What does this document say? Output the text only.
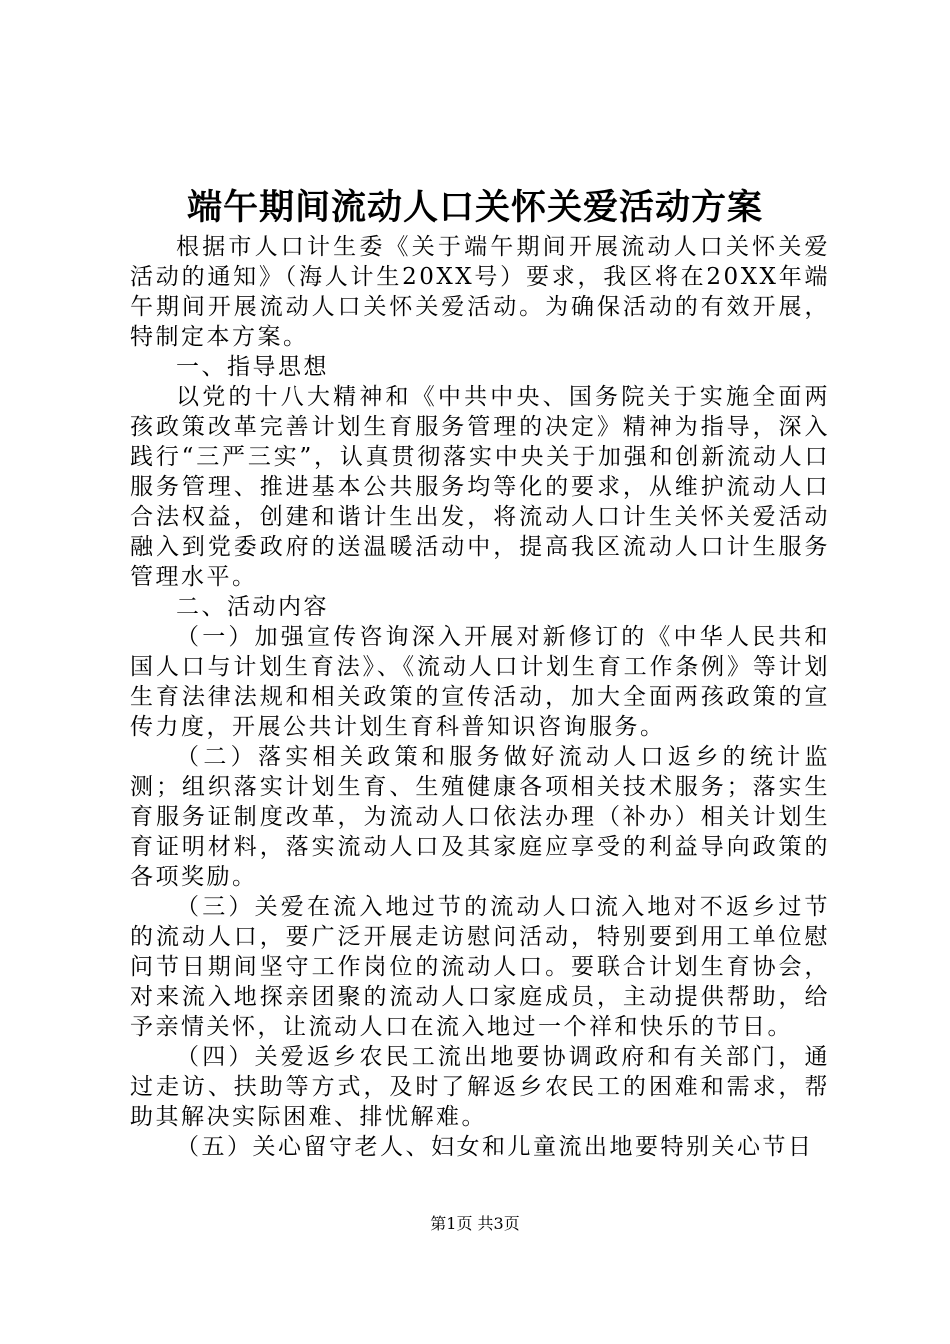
端午期间流动人口关怀关爱活动方案

根据市人口计生委《关于端午期间开展流动人口关怀关爱活动的通知》（海人计生20XX号）要求，我区将在20XX年端午期间开展流动人口关怀关爱活动。为确保活动的有效开展，特制定本方案。

一、指导思想

以党的十八大精神和《中共中央、国务院关于实施全面两孩政策改革完善计划生育服务管理的决定》精神为指导，深入践行“三严三实”，认真贯彻落实中央关于加强和创新流动人口服务管理、推进基本公共服务均等化的要求，从维护流动人口合法权益，创建和谐计生出发，将流动人口计生关怀关爱活动融入到党委政府的送温暖活动中，提高我区流动人口计生服务管理水平。

二、活动内容

（一）加强宣传咨询深入开展对新修订的《中华人民共和国人口与计划生育法》、《流动人口计划生育工作条例》等计划生育法律法规和相关政策的宣传活动，加大全面两孩政策的宣传力度，开展公共计划生育科普知识咨询服务。

（二）落实相关政策和服务做好流动人口返乡的统计监测；组织落实计划生育、生殖健康各项相关技术服务；落实生育服务证制度改革，为流动人口依法办理（补办）相关计划生育证明材料，落实流动人口及其家庭应享受的利益导向政策的各项奖励。

（三）关爱在流入地过节的流动人口流入地对不返乡过节的流动人口，要广泛开展走访慰问活动，特别要到用工单位慰问节日期间坚守工作岗位的流动人口。要联合计划生育协会，对来流入地探亲团聚的流动人口家庭成员，主动提供帮助，给予亲情关怀，让流动人口在流入地过一个祥和快乐的节日。

（四）关爱返乡农民工流出地要协调政府和有关部门，通过走访、扶助等方式，及时了解返乡农民工的困难和需求，帮助其解决实际困难、排忧解难。

（五）关心留守老人、妇女和儿童流出地要特别关心节日

第1页 共3页
